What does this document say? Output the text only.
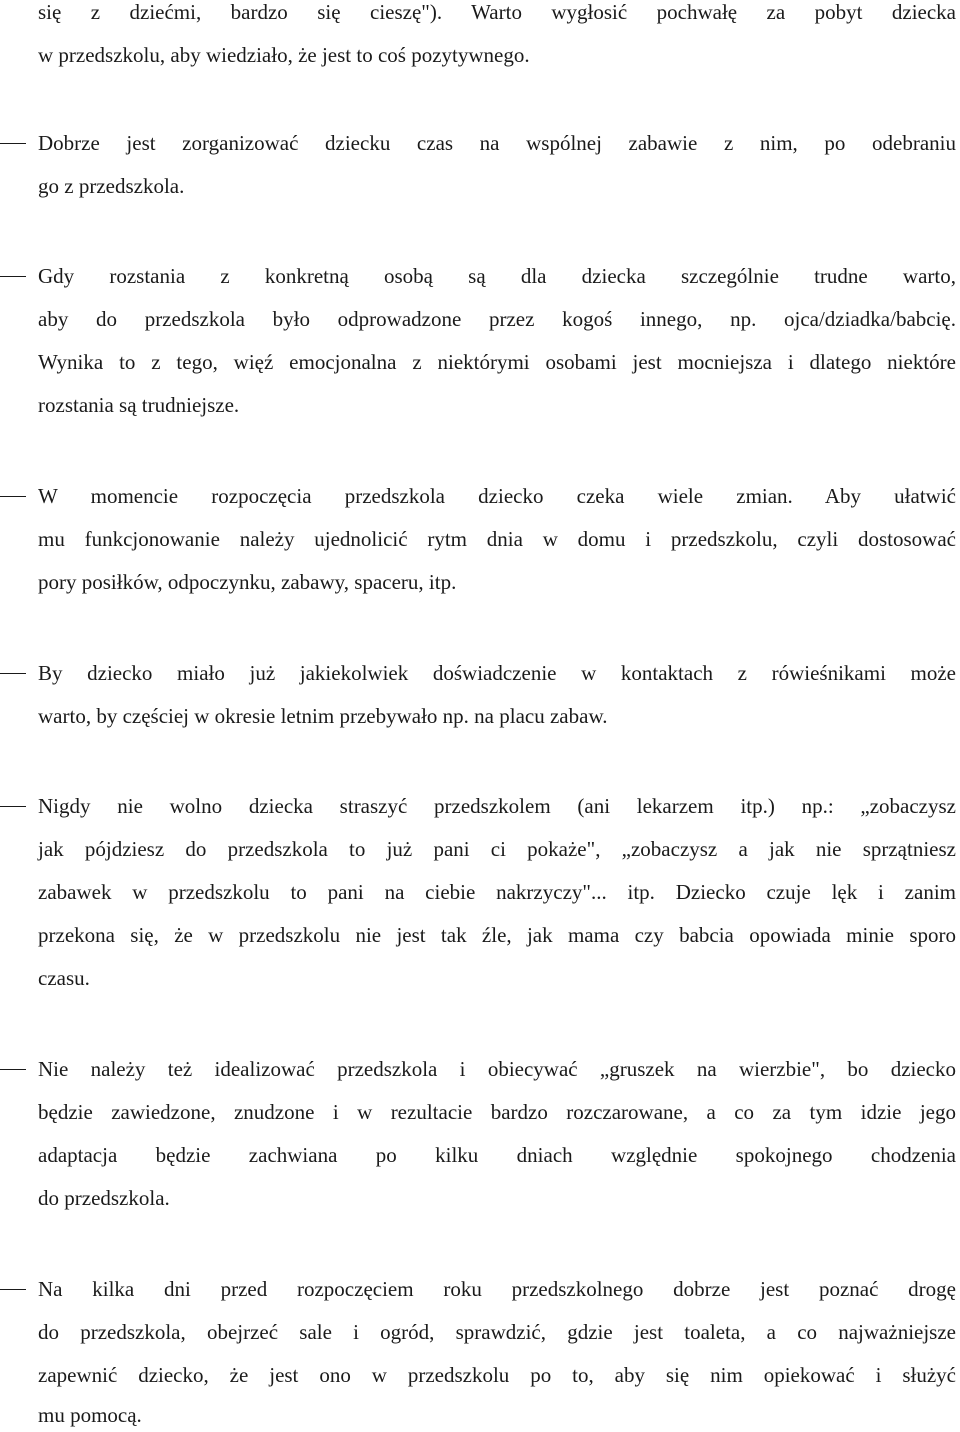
się z dziećmi, bardzo się cieszę"). Warto wygłosić pochwałę za pobyt dziecka
w przedszkolu, aby wiedziało, że jest to coś pozytywnego.
Dobrze jest zorganizować dziecku czas na wspólnej zabawie z nim, po odebraniu
go z przedszkola.
Gdy rozstania z konkretną osobą są dla dziecka szczególnie trudne warto,
aby do przedszkola było odprowadzone przez kogoś innego, np. ojca/dziadka/babcię.
Wynika to z tego, więź emocjonalna z niektórymi osobami jest mocniejsza i dlatego niektóre
rozstania są trudniejsze.
W momencie rozpoczęcia przedszkola dziecko czeka wiele zmian. Aby ułatwić
mu funkcjonowanie należy ujednolicić rytm dnia w domu i przedszkolu, czyli dostosować
pory posiłków, odpoczynku, zabawy, spaceru, itp.
By dziecko miało już jakiekolwiek doświadczenie w kontaktach z rówieśnikami może
warto, by częściej w okresie letnim przebywało np. na placu zabaw.
Nigdy nie wolno dziecka straszyć przedszkolem (ani lekarzem itp.) np.: „zobaczysz
jak pójdziesz do przedszkola to już pani ci pokaże", „zobaczysz a jak nie sprzątniesz
zabawek w przedszkolu to pani na ciebie nakrzyczy"... itp. Dziecko czuje lęk i zanim
przekona się, że w przedszkolu nie jest tak źle, jak mama czy babcia opowiada minie sporo
czasu.
Nie należy też idealizować przedszkola i obiecywać „gruszek na wierzbie", bo dziecko
będzie zawiedzone, znudzone i w rezultacie bardzo rozczarowane, a co za tym idzie jego
adaptacja będzie zachwiana po kilku dniach względnie spokojnego chodzenia
do przedszkola.
Na kilka dni przed rozpoczęciem roku przedszkolnego dobrze jest poznać drogę
do przedszkola, obejrzeć sale i ogród, sprawdzić, gdzie jest toaleta, a co najważniejsze
zapewnić dziecko, że jest ono w przedszkolu po to, aby się nim opiekować i służyć
mu pomocą.
